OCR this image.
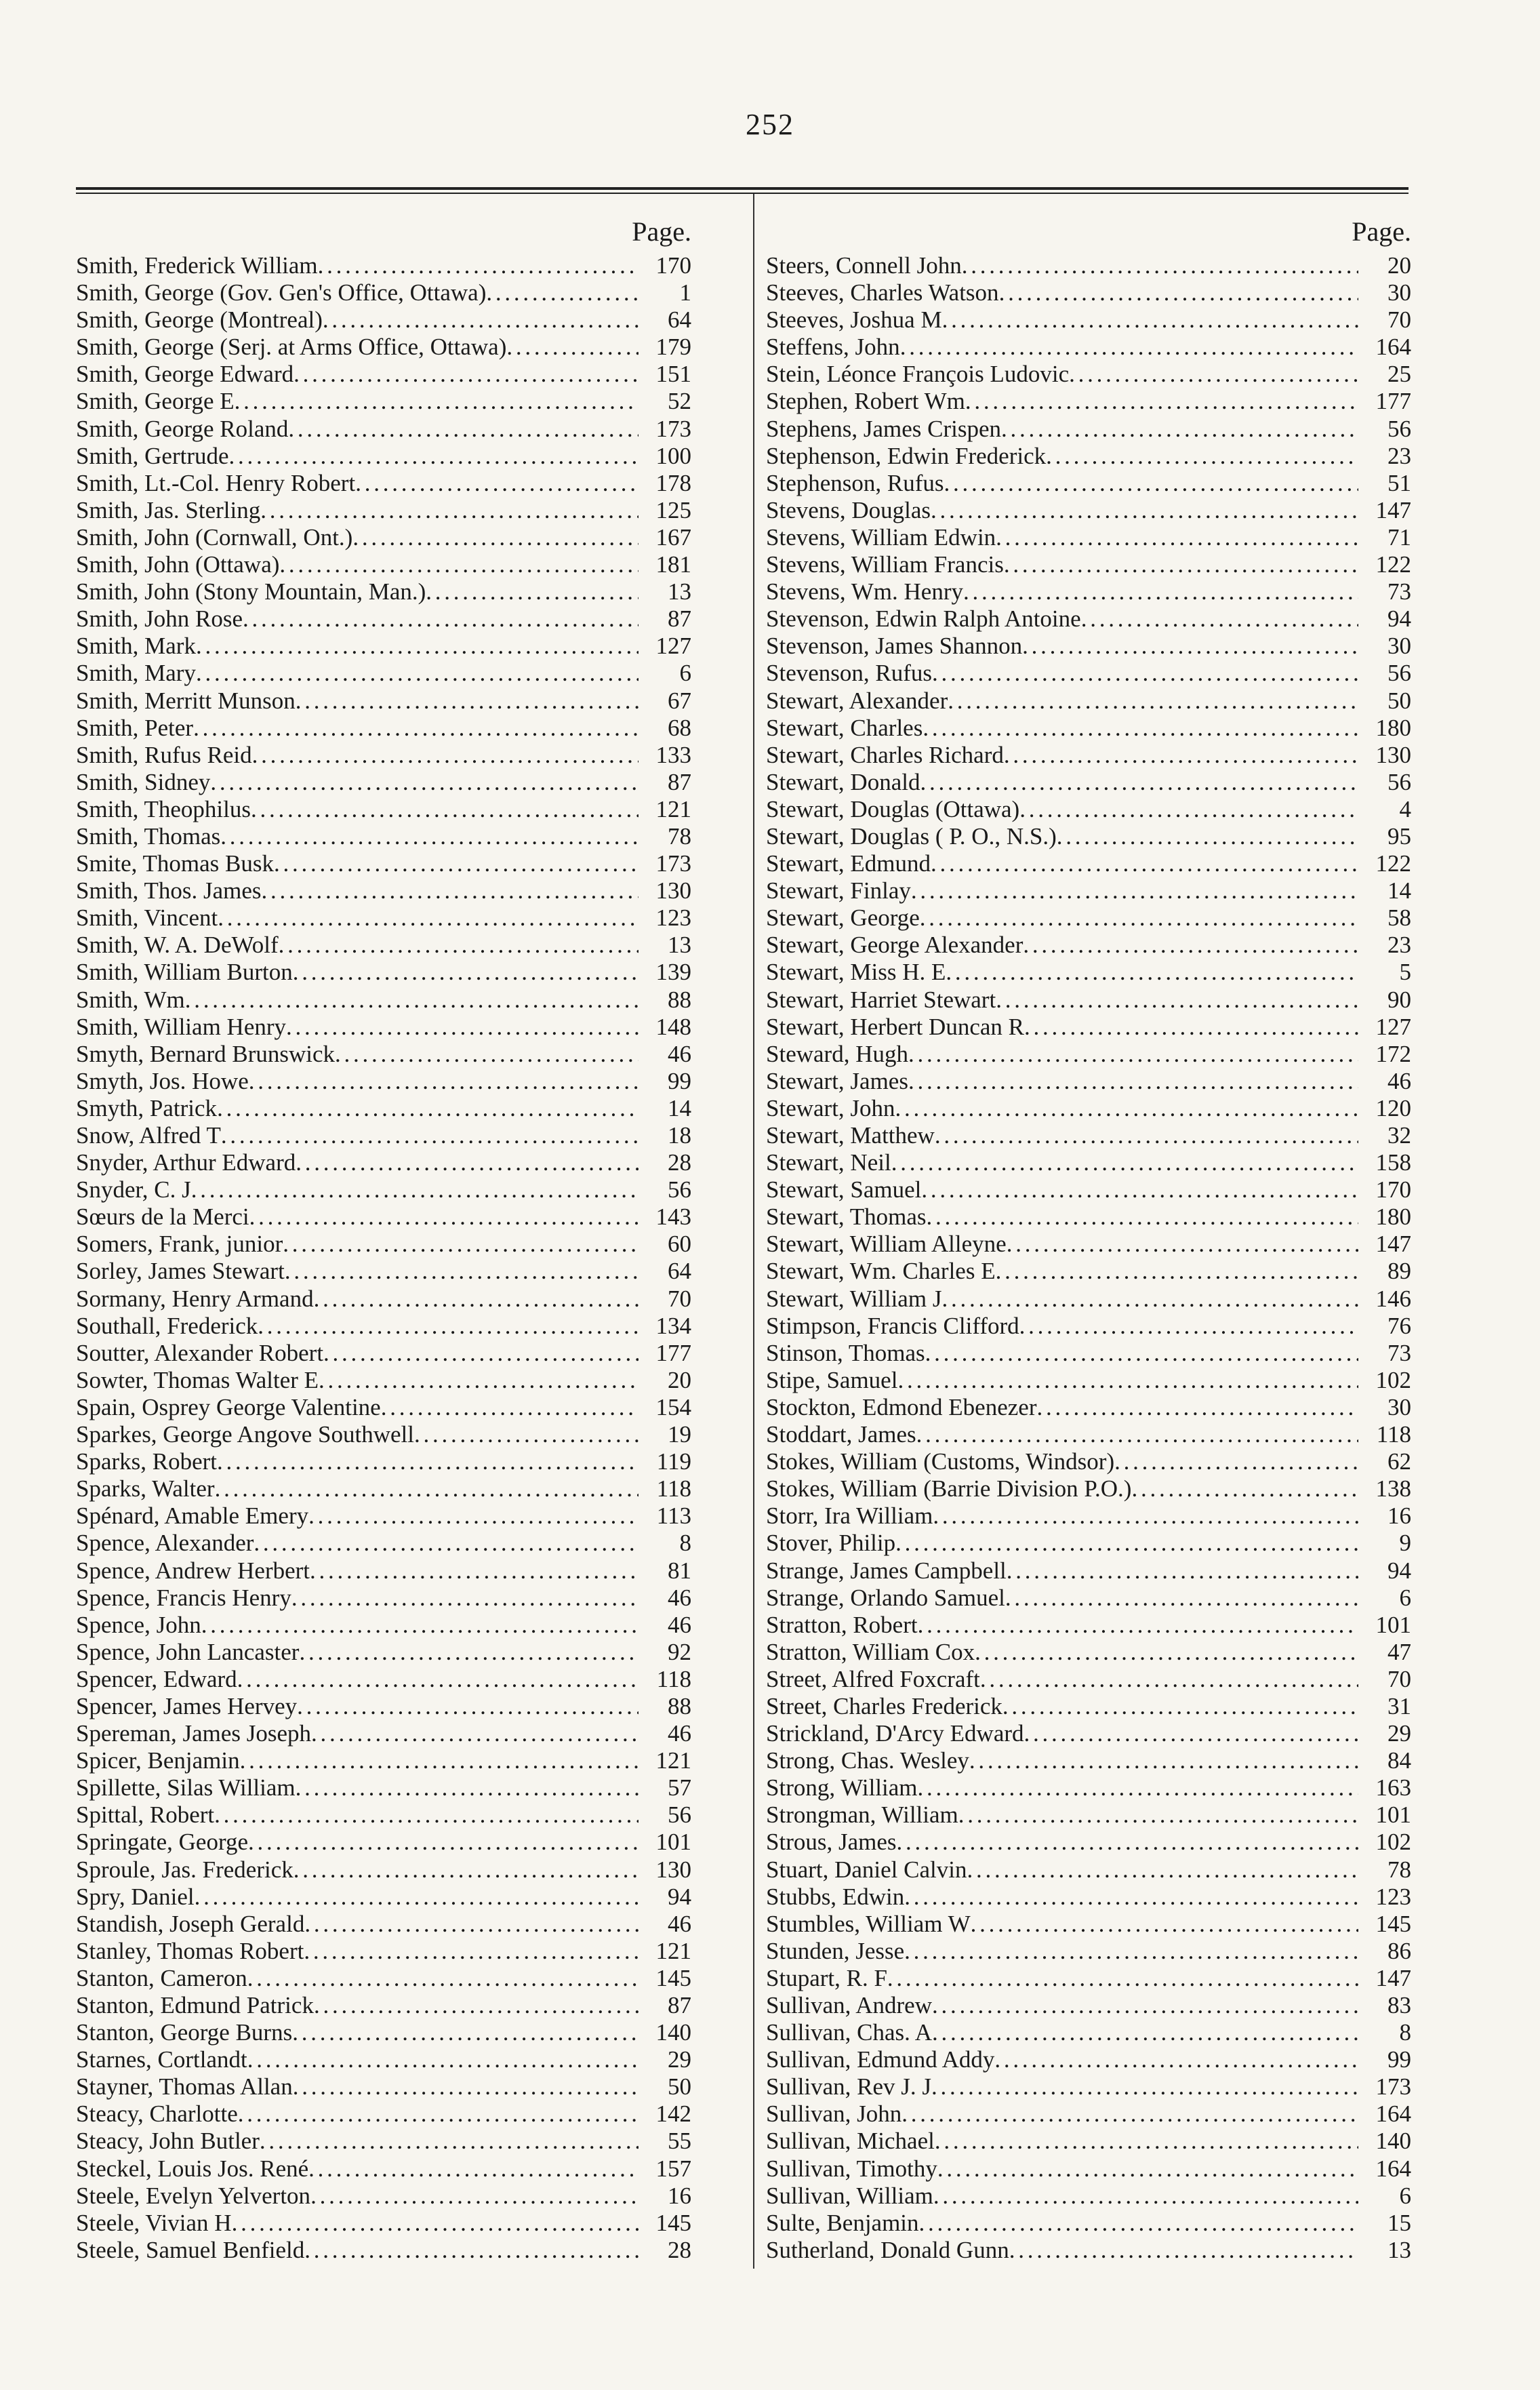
252
Page.
Smith, Frederick William . . .	170
Smith, George (Gov. Gen's Office, Ottawa) . . .	1
Smith, George (Montreal) . . .	64
Smith, George (Serj. at Arms Office, Ottawa) . . .	179
Smith, George Edward . . .	151
Smith, George E . . .	52
Smith, George Roland . . .	173
Smith, Gertrude . . .	100
Smith, Lt.-Col. Henry Robert . . .	178
Smith, Jas. Sterling . . .	125
Smith, John (Cornwall, Ont.) . . .	167
Smith, John (Ottawa) . . .	181
Smith, John (Stony Mountain, Man.) . . .	13
Smith, John Rose . . .	87
Smith, Mark . . .	127
Smith, Mary . . .	6
Smith, Merritt Munson . . .	67
Smith, Peter . . .	68
Smith, Rufus Reid . . .	133
Smith, Sidney . . .	87
Smith, Theophilus . . .	121
Smith, Thomas . . .	78
Smite, Thomas Busk . . .	173
Smith, Thos. James . . .	130
Smith, Vincent . . .	123
Smith, W. A. DeWolf . . .	13
Smith, William Burton . . .	139
Smith, Wm . . .	88
Smith, William Henry . . .	148
Smyth, Bernard Brunswick . . .	46
Smyth, Jos. Howe . . .	99
Smyth, Patrick . . .	14
Snow, Alfred T . . .	18
Snyder, Arthur Edward . . .	28
Snyder, C. J . . .	56
Sœurs de la Merci . . .	143
Somers, Frank, junior . . .	60
Sorley, James Stewart . . .	64
Sormany, Henry Armand . . .	70
Southall, Frederick . . .	134
Soutter, Alexander Robert . . .	177
Sowter, Thomas Walter E . . .	20
Spain, Osprey George Valentine . . .	154
Sparkes, George Angove Southwell . . .	19
Sparks, Robert . . .	119
Sparks, Walter . . .	118
Spénard, Amable Emery . . .	113
Spence, Alexander . . .	8
Spence, Andrew Herbert . . .	81
Spence, Francis Henry . . .	46
Spence, John . . .	46
Spence, John Lancaster . . .	92
Spencer, Edward . . .	118
Spencer, James Hervey . . .	88
Spereman, James Joseph . . .	46
Spicer, Benjamin . . .	121
Spillette, Silas William . . .	57
Spittal, Robert . . .	56
Springate, George . . .	101
Sproule, Jas. Frederick . . .	130
Spry, Daniel . . .	94
Standish, Joseph Gerald . . .	46
Stanley, Thomas Robert . . .	121
Stanton, Cameron . . .	145
Stanton, Edmund Patrick . . .	87
Stanton, George Burns . . .	140
Starnes, Cortlandt . . .	29
Stayner, Thomas Allan . . .	50
Steacy, Charlotte . . .	142
Steacy, John Butler . . .	55
Steckel, Louis Jos. René . . .	157
Steele, Evelyn Yelverton . . .	16
Steele, Vivian H . . .	145
Steele, Samuel Benfield . . .	28
Page.
Steers, Connell John . . .	20
Steeves, Charles Watson . . .	30
Steeves, Joshua M . . .	70
Steffens, John . . .	164
Stein, Léonce François Ludovic . . .	25
Stephen, Robert Wm . . .	177
Stephens, James Crispen . . .	56
Stephenson, Edwin Frederick . . .	23
Stephenson, Rufus . . .	51
Stevens, Douglas . . .	147
Stevens, William Edwin . . .	71
Stevens, William Francis . . .	122
Stevens, Wm. Henry . . .	73
Stevenson, Edwin Ralph Antoine . . .	94
Stevenson, James Shannon . . .	30
Stevenson, Rufus . . .	56
Stewart, Alexander . . .	50
Stewart, Charles . . .	180
Stewart, Charles Richard . . .	130
Stewart, Donald . . .	56
Stewart, Douglas (Ottawa) . . .	4
Stewart, Douglas ( P. O., N.S.) . . .	95
Stewart, Edmund . . .	122
Stewart, Finlay . . .	14
Stewart, George . . .	58
Stewart, George Alexander . . .	23
Stewart, Miss H. E . . .	5
Stewart, Harriet Stewart . . .	90
Stewart, Herbert Duncan R . . .	127
Steward, Hugh . . .	172
Stewart, James . . .	46
Stewart, John . . .	120
Stewart, Matthew . . .	32
Stewart, Neil . . .	158
Stewart, Samuel . . .	170
Stewart, Thomas . . .	180
Stewart, William Alleyne . . .	147
Stewart, Wm. Charles E . . .	89
Stewart, William J . . .	146
Stimpson, Francis Clifford . . .	76
Stinson, Thomas . . .	73
Stipe, Samuel . . .	102
Stockton, Edmond Ebenezer . . .	30
Stoddart, James . . .	118
Stokes, William (Customs, Windsor) . . .	62
Stokes, William (Barrie Division P.O.) . . .	138
Storr, Ira William . . .	16
Stover, Philip . . .	9
Strange, James Campbell . . .	94
Strange, Orlando Samuel . . .	6
Stratton, Robert . . .	101
Stratton, William Cox . . .	47
Street, Alfred Foxcraft . . .	70
Street, Charles Frederick . . .	31
Strickland, D'Arcy Edward . . .	29
Strong, Chas. Wesley . . .	84
Strong, William . . .	163
Strongman, William . . .	101
Strous, James . . .	102
Stuart, Daniel Calvin . . .	78
Stubbs, Edwin . . .	123
Stumbles, William W . . .	145
Stunden, Jesse . . .	86
Stupart, R. F . . .	147
Sullivan, Andrew . . .	83
Sullivan, Chas. A . . .	8
Sullivan, Edmund Addy . . .	99
Sullivan, Rev J. J . . .	173
Sullivan, John . . .	164
Sullivan, Michael . . .	140
Sullivan, Timothy . . .	164
Sullivan, William . . .	6
Sulte, Benjamin . . .	15
Sutherland, Donald Gunn . . .	13
